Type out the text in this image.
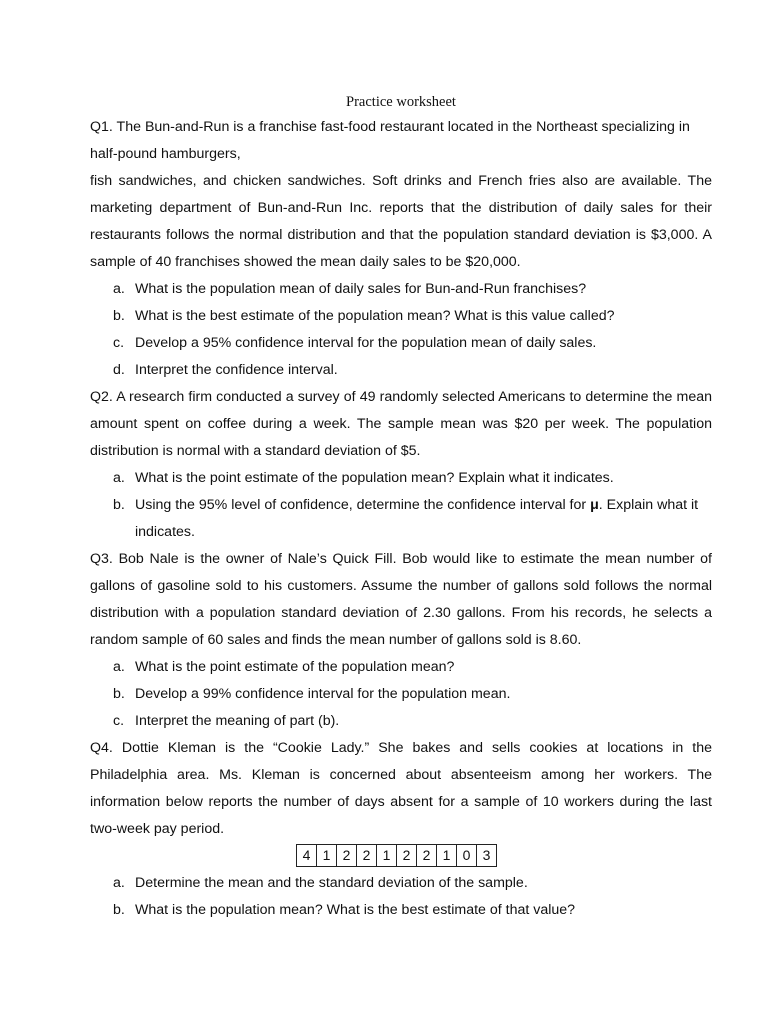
Practice worksheet

Q1. The Bun-and-Run is a franchise fast-food restaurant located in the Northeast specializing in

half-pound hamburgers,

fish sandwiches, and chicken sandwiches. Soft drinks and French fries also are available. The marketing department of Bun-and-Run Inc. reports that the distribution of daily sales for their restaurants follows the normal distribution and that the population standard deviation is $3,000. A sample of 40 franchises showed the mean daily sales to be $20,000.

a. What is the population mean of daily sales for Bun-and-Run franchises?
b. What is the best estimate of the population mean? What is this value called?
c. Develop a 95% confidence interval for the population mean of daily sales.
d. Interpret the confidence interval.

Q2. A research firm conducted a survey of 49 randomly selected Americans to determine the mean amount spent on coffee during a week. The sample mean was $20 per week. The population distribution is normal with a standard deviation of $5.

a. What is the point estimate of the population mean? Explain what it indicates.
b. Using the 95% level of confidence, determine the confidence interval for μ. Explain what it indicates.

Q3. Bob Nale is the owner of Nale’s Quick Fill. Bob would like to estimate the mean number of gallons of gasoline sold to his customers. Assume the number of gallons sold follows the normal distribution with a population standard deviation of 2.30 gallons. From his records, he selects a random sample of 60 sales and finds the mean number of gallons sold is 8.60.

a. What is the point estimate of the population mean?
b. Develop a 99% confidence interval for the population mean.
c. Interpret the meaning of part (b).

Q4. Dottie Kleman is the “Cookie Lady.” She bakes and sells cookies at locations in the Philadelphia area. Ms. Kleman is concerned about absenteeism among her workers. The information below reports the number of days absent for a sample of 10 workers during the last two-week pay period.

4	1	2	2	1	2	2	1	0	3
a. Determine the mean and the standard deviation of the sample.
b. What is the population mean? What is the best estimate of that value?
